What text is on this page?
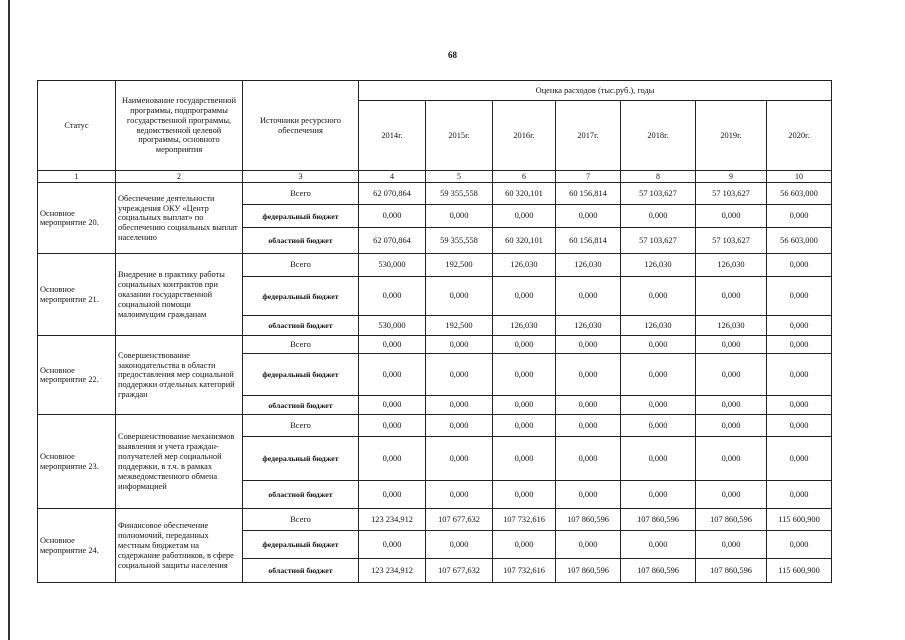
68
Статус	Наименование государственной программы, подпрограммы государственной программы, ведомственной целевой программы, основного мероприятия	Источники ресурсного обеспечения	Оценка расходов (тыс.руб.), годы						
			2014г.	2015г.	2016г.	2017г.	2018г.	2019г.	2020г.
1	2	3	4	5	6	7	8	9	10
Основное мероприятие 20.	Обеспечение деятельности учреждения ОКУ «Центр социальных выплат» по обеспечению социальных выплат населению	Всего	62 070,864	59 355,558	60 320,101	60 156,814	57 103,627	57 103,627	56 603,000
		федеральный бюджет	0,000	0,000	0,000	0,000	0,000	0,000	0,000
		областной бюджет	62 070,864	59 355,558	60 320,101	60 156,814	57 103,627	57 103,627	56 603,000
Основное мероприятие 21.	Внедрение в практику работы социальных контрактов при оказании государственной социальной помощи малоимущим гражданам	Всего	530,000	192,500	126,030	126,030	126,030	126,030	0,000
		федеральный бюджет	0,000	0,000	0,000	0,000	0,000	0,000	0,000
		областной бюджет	530,000	192,500	126,030	126,030	126,030	126,030	0,000
Основное мероприятие 22.	Совершенствование законодательства в области предоставления мер социальной поддержки отдельных категорий граждан	Всего	0,000	0,000	0,000	0,000	0,000	0,000	0,000
		федеральный бюджет	0,000	0,000	0,000	0,000	0,000	0,000	0,000
		областной бюджет	0,000	0,000	0,000	0,000	0,000	0,000	0,000
Основное мероприятие 23.	Совершенствование механизмов выявления и учета граждан-получателей мер социальной поддержки, в т.ч. в рамках межведомственного обмена информацией	Всего	0,000	0,000	0,000	0,000	0,000	0,000	0,000
		федеральный бюджет	0,000	0,000	0,000	0,000	0,000	0,000	0,000
		областной бюджет	0,000	0,000	0,000	0,000	0,000	0,000	0,000
Основное мероприятие 24.	Финансовое обеспечение полномочий, переданных местным бюджетам на содержание работников, в сфере социальной защиты населения	Всего	123 234,912	107 677,632	107 732,616	107 860,596	107 860,596	107 860,596	115 600,900
		федеральный бюджет	0,000	0,000	0,000	0,000	0,000	0,000	0,000
		областной бюджет	123 234,912	107 677,632	107 732,616	107 860,596	107 860,596	107 860,596	115 600,900
